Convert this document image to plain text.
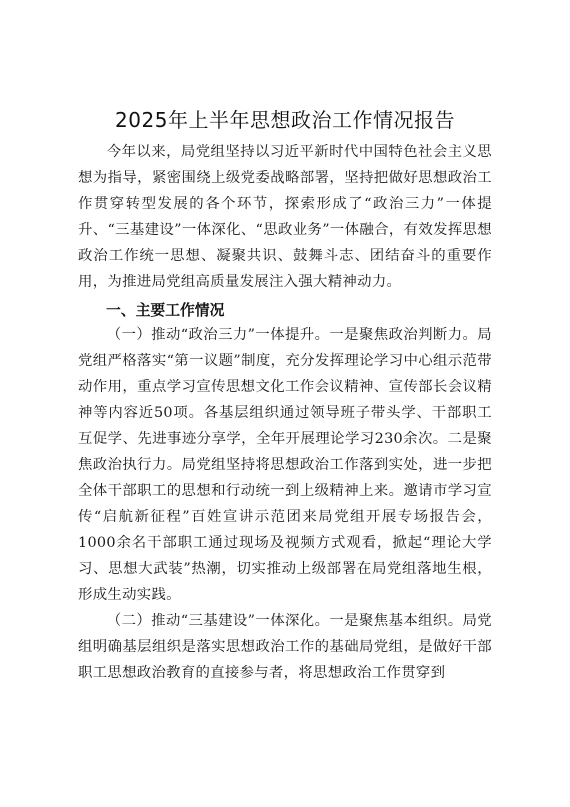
2025年上半年思想政治工作情况报告

今年以来，局党组坚持以习近平新时代中国特色社会主义思想为指导，紧密围绕上级党委战略部署，坚持把做好思想政治工作贯穿转型发展的各个环节，探索形成了“政治三力”一体提升、“三基建设”一体深化、“思政业务”一体融合，有效发挥思想政治工作统一思想、凝聚共识、鼓舞斗志、团结奋斗的重要作用，为推进局党组高质量发展注入强大精神动力。

一、主要工作情况

（一）推动“政治三力”一体提升。一是聚焦政治判断力。局党组严格落实“第一议题”制度，充分发挥理论学习中心组示范带动作用，重点学习宣传思想文化工作会议精神、宣传部长会议精神等内容近50项。各基层组织通过领导班子带头学、干部职工互促学、先进事迹分享学，全年开展理论学习230余次。二是聚焦政治执行力。局党组坚持将思想政治工作落到实处，进一步把全体干部职工的思想和行动统一到上级精神上来。邀请市学习宣传“启航新征程”百姓宣讲示范团来局党组开展专场报告会，1000余名干部职工通过现场及视频方式观看，掀起“理论大学习、思想大武装”热潮，切实推动上级部署在局党组落地生根，形成生动实践。

（二）推动“三基建设”一体深化。一是聚焦基本组织。局党组明确基层组织是落实思想政治工作的基础局党组，是做好干部职工思想政治教育的直接参与者，将思想政治工作贯穿到
